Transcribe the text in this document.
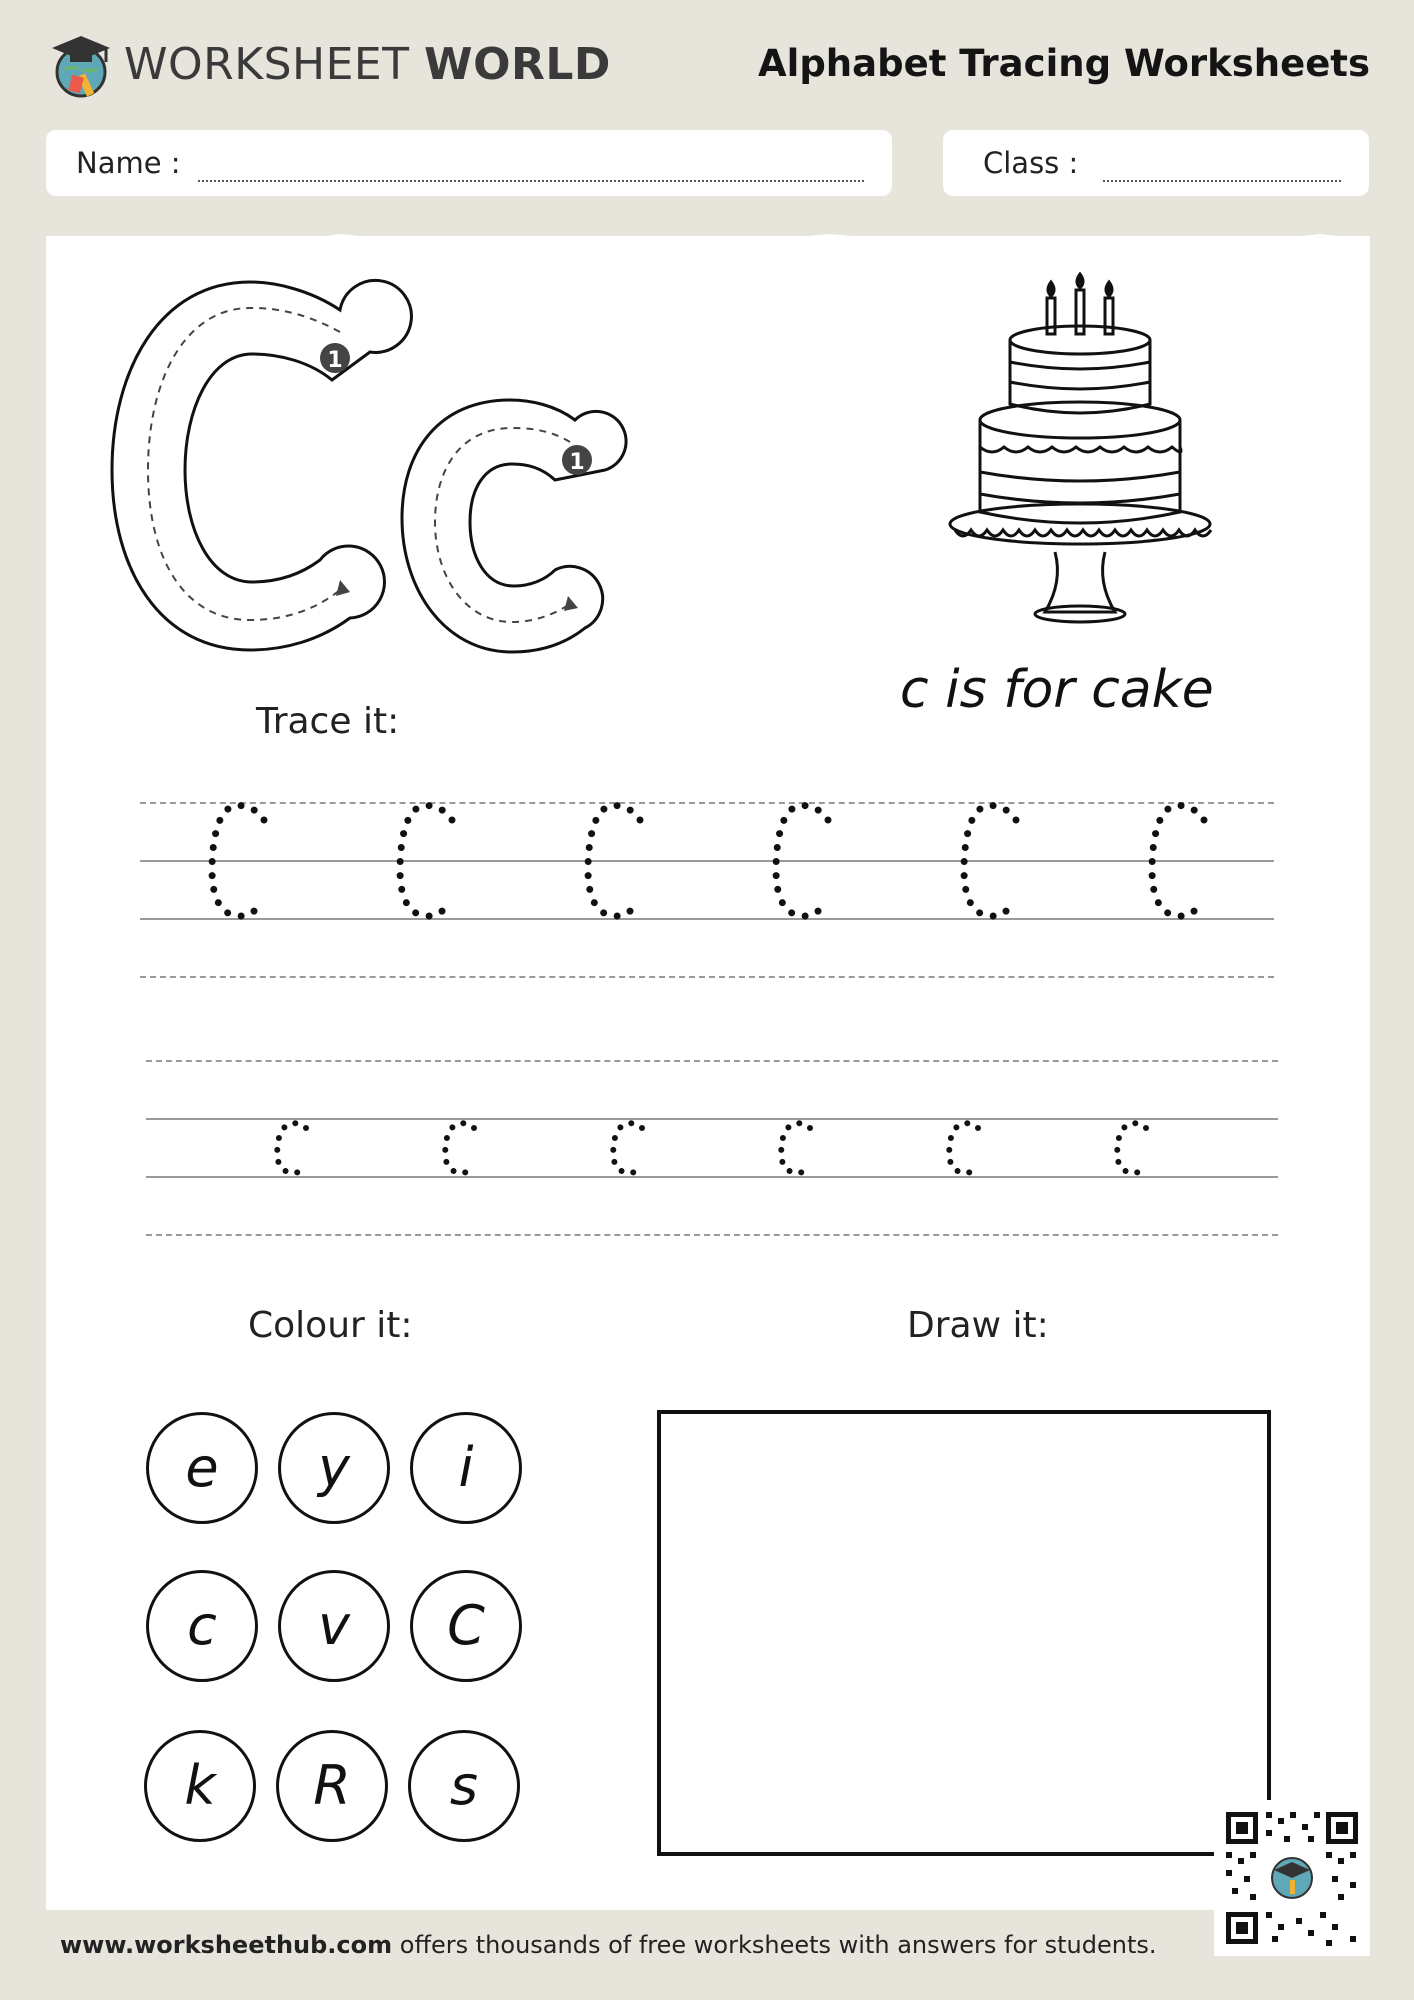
WORKSHEET WORLD	Alphabet Tracing Worksheets
Name :	Class :
1
1
c is for cake
Trace it:
Colour it:
e y i
c v C
k R s
Draw it:
www.worksheethub.com offers thousands of free worksheets with answers for students.
